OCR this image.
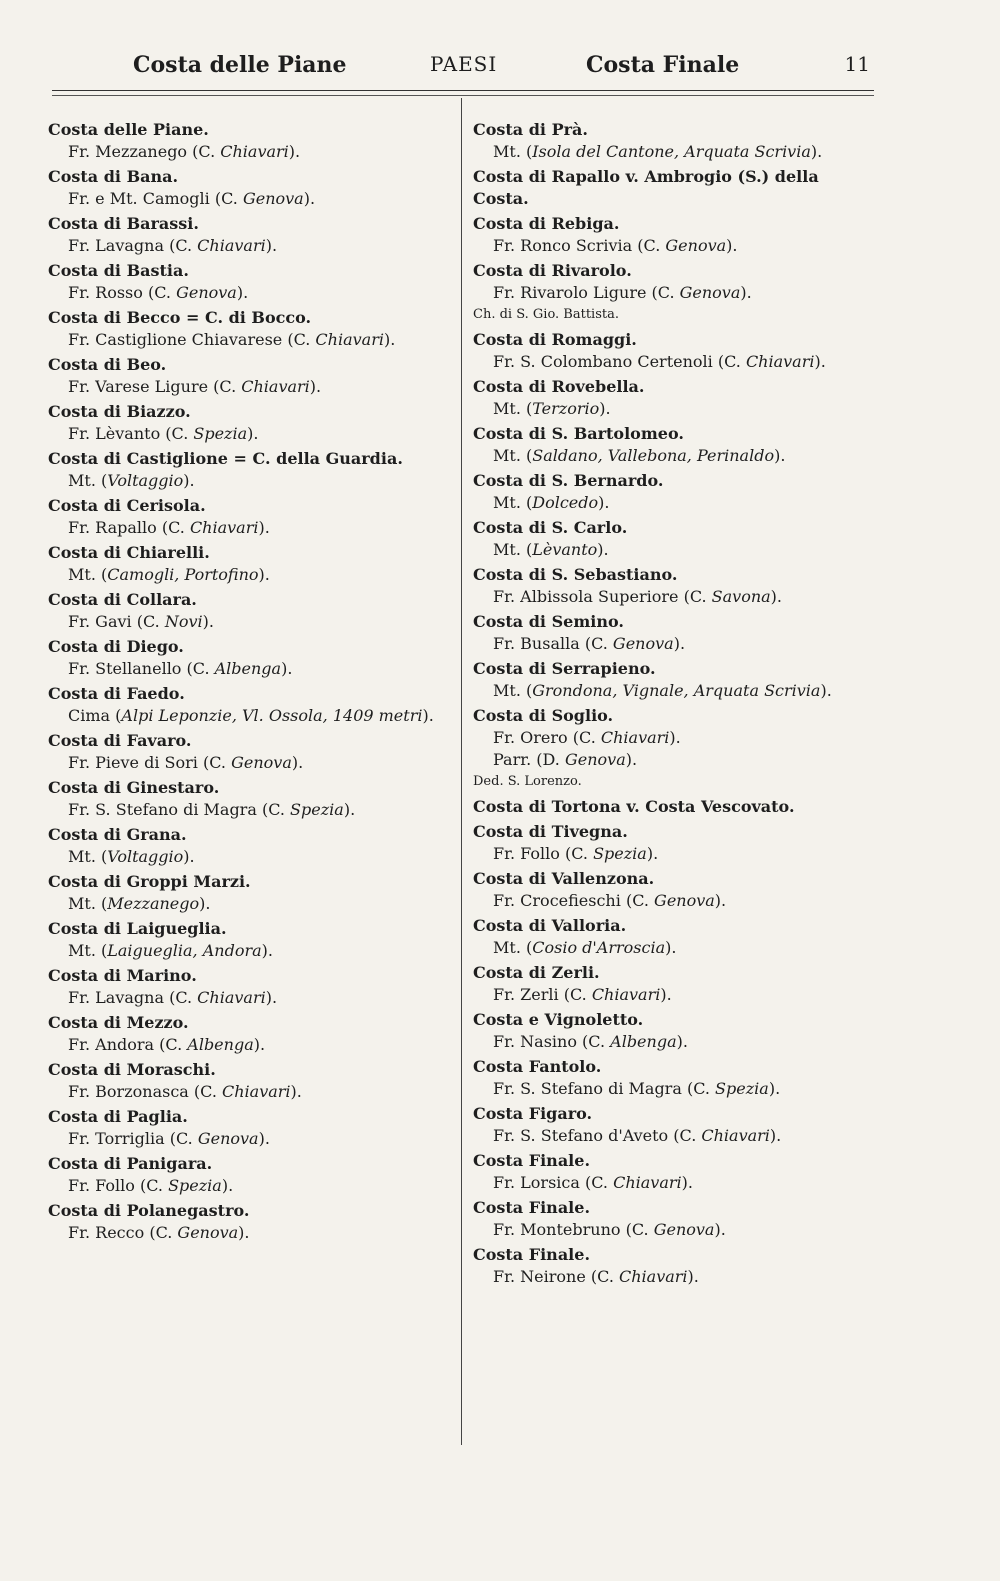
Costa delle Piane	PAESI	Costa Finale	11
Costa delle Piane.
Fr. Mezzanego (C. Chiavari).
Costa di Bana.
Fr. e Mt. Camogli (C. Genova).
Costa di Barassi.
Fr. Lavagna (C. Chiavari).
Costa di Bastia.
Fr. Rosso (C. Genova).
Costa di Becco = C. di Bocco.
Fr. Castiglione Chiavarese (C. Chiavari).
Costa di Beo.
Fr. Varese Ligure (C. Chiavari).
Costa di Biazzo.
Fr. Lèvanto (C. Spezia).
Costa di Castiglione = C. della Guardia.
Mt. (Voltaggio).
Costa di Cerisola.
Fr. Rapallo (C. Chiavari).
Costa di Chiarelli.
Mt. (Camogli, Portofino).
Costa di Collara.
Fr. Gavi (C. Novi).
Costa di Diego.
Fr. Stellanello (C. Albenga).
Costa di Faedo.
Cima (Alpi Leponzie, Vl. Ossola, 1409 metri).
Costa di Favaro.
Fr. Pieve di Sori (C. Genova).
Costa di Ginestaro.
Fr. S. Stefano di Magra (C. Spezia).
Costa di Grana.
Mt. (Voltaggio).
Costa di Groppi Marzi.
Mt. (Mezzanego).
Costa di Laigueglia.
Mt. (Laigueglia, Andora).
Costa di Marino.
Fr. Lavagna (C. Chiavari).
Costa di Mezzo.
Fr. Andora (C. Albenga).
Costa di Moraschi.
Fr. Borzonasca (C. Chiavari).
Costa di Paglia.
Fr. Torriglia (C. Genova).
Costa di Panigara.
Fr. Follo (C. Spezia).
Costa di Polanegastro.
Fr. Recco (C. Genova).
Costa di Prà.
Mt. (Isola del Cantone, Arquata Scrivia).
Costa di Rapallo v. Ambrogio (S.) della Costa.
Costa di Rebiga.
Fr. Ronco Scrivia (C. Genova).
Costa di Rivarolo.
Fr. Rivarolo Ligure (C. Genova).
Ch. di S. Gio. Battista.
Costa di Romaggi.
Fr. S. Colombano Certenoli (C. Chiavari).
Costa di Rovebella.
Mt. (Terzorio).
Costa di S. Bartolomeo.
Mt. (Saldano, Vallebona, Perinaldo).
Costa di S. Bernardo.
Mt. (Dolcedo).
Costa di S. Carlo.
Mt. (Lèvanto).
Costa di S. Sebastiano.
Fr. Albissola Superiore (C. Savona).
Costa di Semino.
Fr. Busalla (C. Genova).
Costa di Serrapieno.
Mt. (Grondona, Vignale, Arquata Scrivia).
Costa di Soglio.
Fr. Orero (C. Chiavari).
Parr. (D. Genova).
Ded. S. Lorenzo.
Costa di Tortona v. Costa Vescovato.
Costa di Tivegna.
Fr. Follo (C. Spezia).
Costa di Vallenzona.
Fr. Crocefieschi (C. Genova).
Costa di Valloria.
Mt. (Cosio d'Arroscia).
Costa di Zerli.
Fr. Zerli (C. Chiavari).
Costa e Vignoletto.
Fr. Nasino (C. Albenga).
Costa Fantolo.
Fr. S. Stefano di Magra (C. Spezia).
Costa Figaro.
Fr. S. Stefano d'Aveto (C. Chiavari).
Costa Finale.
Fr. Lorsica (C. Chiavari).
Costa Finale.
Fr. Montebruno (C. Genova).
Costa Finale.
Fr. Neirone (C. Chiavari).
